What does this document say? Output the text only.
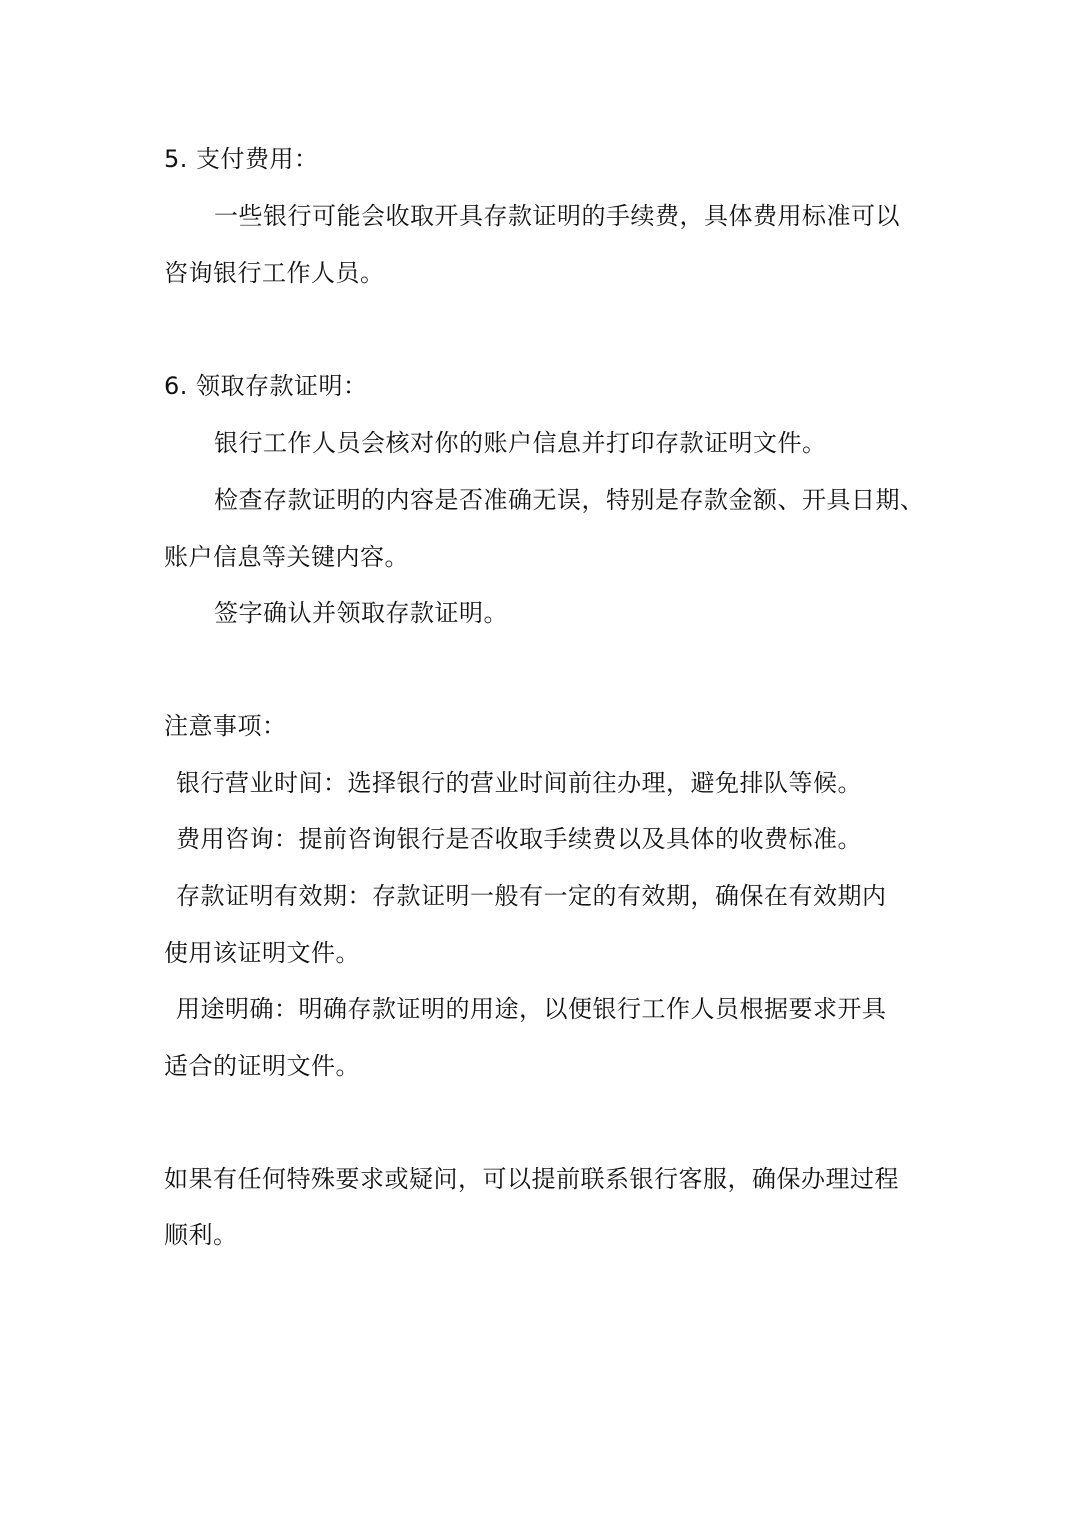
5. 支付费用：
一些银行可能会收取开具存款证明的手续费，具体费用标准可以
咨询银行工作人员。
6. 领取存款证明：
银行工作人员会核对你的账户信息并打印存款证明文件。
检查存款证明的内容是否准确无误，特别是存款金额、开具日期、
账户信息等关键内容。
签字确认并领取存款证明。
注意事项：
银行营业时间：选择银行的营业时间前往办理，避免排队等候。
费用咨询：提前咨询银行是否收取手续费以及具体的收费标准。
存款证明有效期：存款证明一般有一定的有效期，确保在有效期内
使用该证明文件。
用途明确：明确存款证明的用途，以便银行工作人员根据要求开具
适合的证明文件。
如果有任何特殊要求或疑问，可以提前联系银行客服，确保办理过程
顺利。
